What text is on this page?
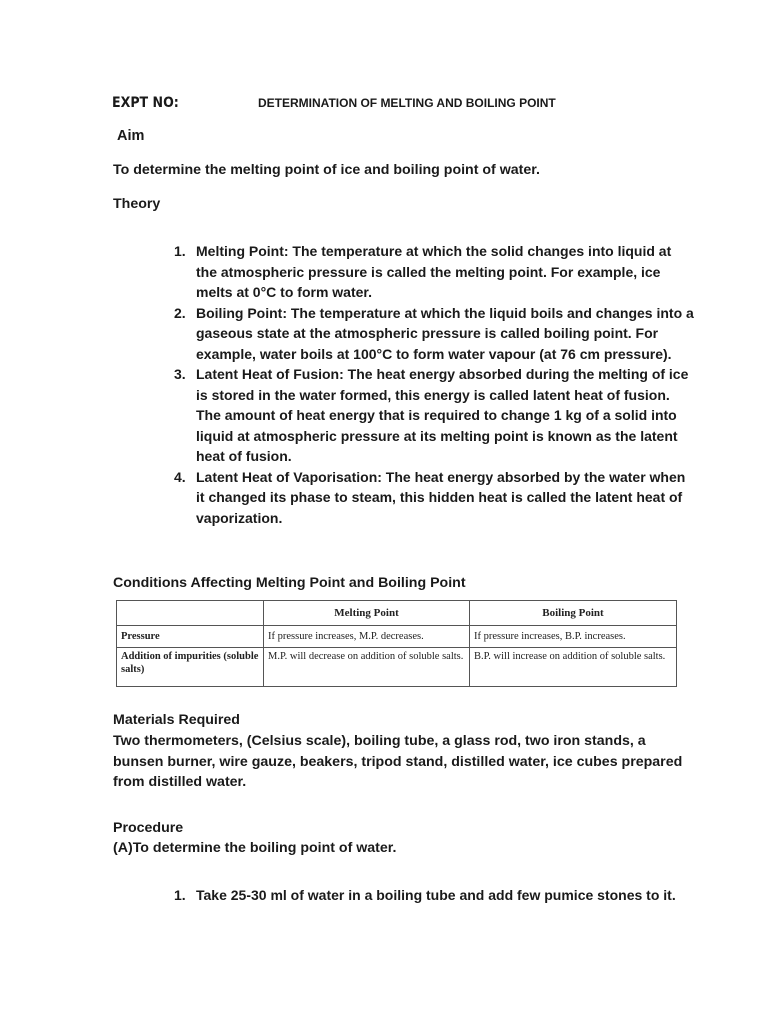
EXPT NO:	DETERMINATION OF MELTING AND BOILING POINT
Aim
To determine the melting point of ice and boiling point of water.
Theory
1. Melting Point: The temperature at which the solid changes into liquid at the atmospheric pressure is called the melting point. For example, ice melts at 0°C to form water.
2. Boiling Point: The temperature at which the liquid boils and changes into a gaseous state at the atmospheric pressure is called boiling point. For example, water boils at 100°C to form water vapour (at 76 cm pressure).
3. Latent Heat of Fusion: The heat energy absorbed during the melting of ice is stored in the water formed, this energy is called latent heat of fusion. The amount of heat energy that is required to change 1 kg of a solid into liquid at atmospheric pressure at its melting point is known as the latent heat of fusion.
4. Latent Heat of Vaporisation: The heat energy absorbed by the water when it changed its phase to steam, this hidden heat is called the latent heat of vaporization.
Conditions Affecting Melting Point and Boiling Point
	Melting Point	Boiling Point
Pressure	If pressure increases, M.P. decreases.	If pressure increases, B.P. increases.
Addition of impurities (soluble salts)	M.P. will decrease on addition of soluble salts.	B.P. will increase on addition of soluble salts.
Materials Required
Two thermometers, (Celsius scale), boiling tube, a glass rod, two iron stands, a bunsen burner, wire gauze, beakers, tripod stand, distilled water, ice cubes prepared from distilled water.
Procedure
(A)To determine the boiling point of water.
1. Take 25-30 ml of water in a boiling tube and add few pumice stones to it.
